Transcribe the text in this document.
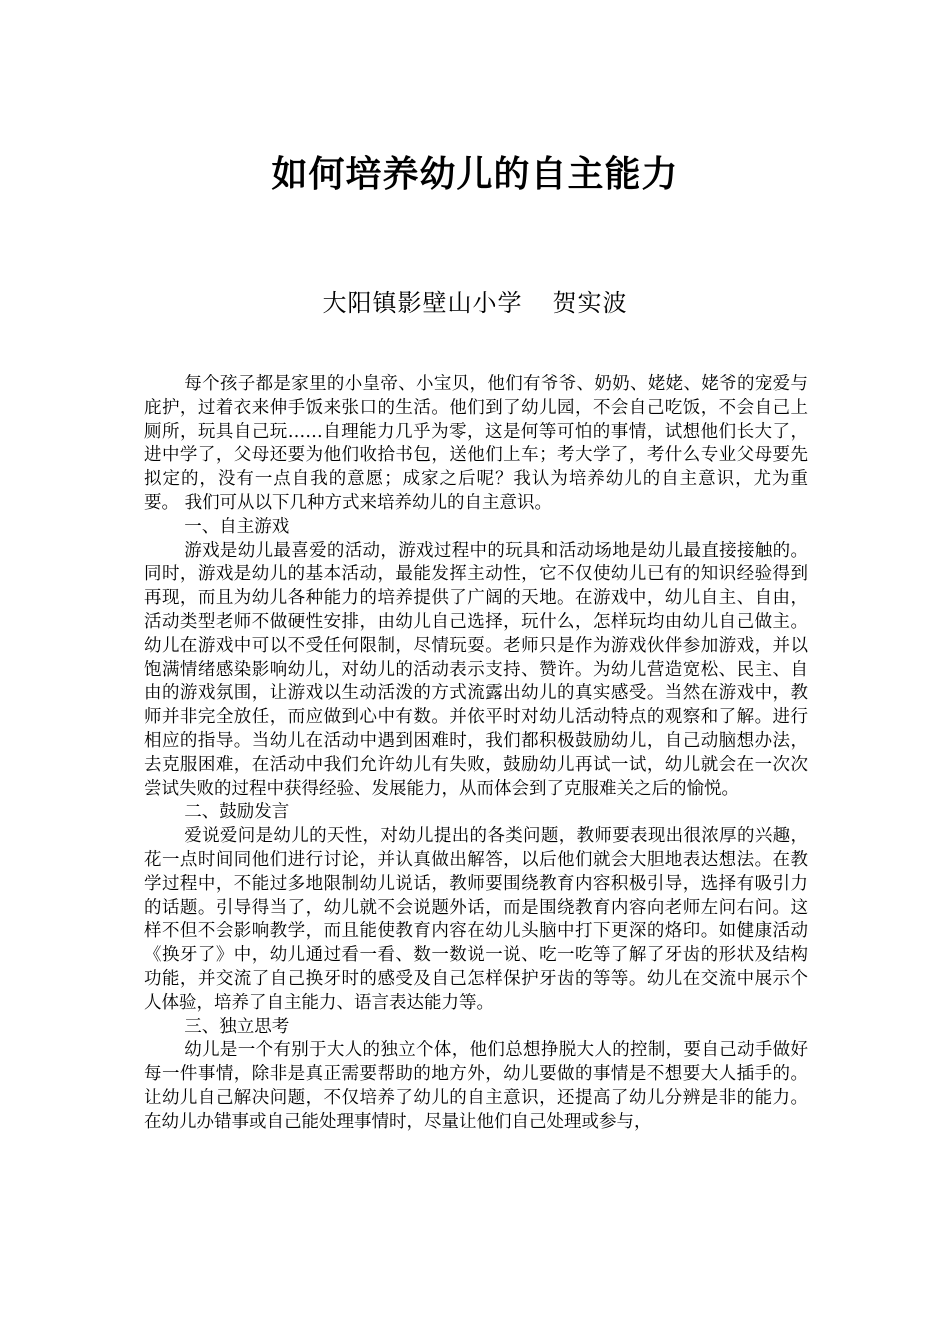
如何培养幼儿的自主能力
大阳镇影壁山小学 贺实波

每个孩子都是家里的小皇帝、小宝贝，他们有爷爷、奶奶、姥姥、姥爷的宠爱与庇护，过着衣来伸手饭来张口的生活。他们到了幼儿园，不会自己吃饭，不会自己上厕所，玩具自己玩……自理能力几乎为零，这是何等可怕的事情，试想他们长大了，进中学了，父母还要为他们收拾书包，送他们上车；考大学了，考什么专业父母要先拟定的，没有一点自我的意愿；成家之后呢？我认为培养幼儿的自主意识，尤为重要。 我们可从以下几种方式来培养幼儿的自主意识。

一、自主游戏

游戏是幼儿最喜爱的活动，游戏过程中的玩具和活动场地是幼儿最直接接触的。同时，游戏是幼儿的基本活动，最能发挥主动性，它不仅使幼儿已有的知识经验得到再现，而且为幼儿各种能力的培养提供了广阔的天地。在游戏中，幼儿自主、自由，活动类型老师不做硬性安排，由幼儿自己选择，玩什么，怎样玩均由幼儿自己做主。幼儿在游戏中可以不受任何限制，尽情玩耍。老师只是作为游戏伙伴参加游戏，并以饱满情绪感染影响幼儿，对幼儿的活动表示支持、赞许。为幼儿营造宽松、民主、自由的游戏氛围，让游戏以生动活泼的方式流露出幼儿的真实感受。当然在游戏中，教师并非完全放任，而应做到心中有数。并依平时对幼儿活动特点的观察和了解。进行相应的指导。当幼儿在活动中遇到困难时，我们都积极鼓励幼儿，自己动脑想办法，去克服困难，在活动中我们允许幼儿有失败，鼓励幼儿再试一试，幼儿就会在一次次尝试失败的过程中获得经验、发展能力，从而体会到了克服难关之后的愉悦。

二、鼓励发言

爱说爱问是幼儿的天性，对幼儿提出的各类问题，教师要表现出很浓厚的兴趣，花一点时间同他们进行讨论，并认真做出解答，以后他们就会大胆地表达想法。在教学过程中，不能过多地限制幼儿说话，教师要围绕教育内容积极引导，选择有吸引力的话题。引导得当了，幼儿就不会说题外话，而是围绕教育内容向老师左问右问。这样不但不会影响教学，而且能使教育内容在幼儿头脑中打下更深的烙印。如健康活动《换牙了》中，幼儿通过看一看、数一数说一说、吃一吃等了解了牙齿的形状及结构功能，并交流了自己换牙时的感受及自己怎样保护牙齿的等等。幼儿在交流中展示个人体验，培养了自主能力、语言表达能力等。

三、独立思考

幼儿是一个有别于大人的独立个体，他们总想挣脱大人的控制，要自己动手做好每一件事情，除非是真正需要帮助的地方外，幼儿要做的事情是不想要大人插手的。让幼儿自己解决问题，不仅培养了幼儿的自主意识，还提高了幼儿分辨是非的能力。在幼儿办错事或自己能处理事情时，尽量让他们自己处理或参与，
